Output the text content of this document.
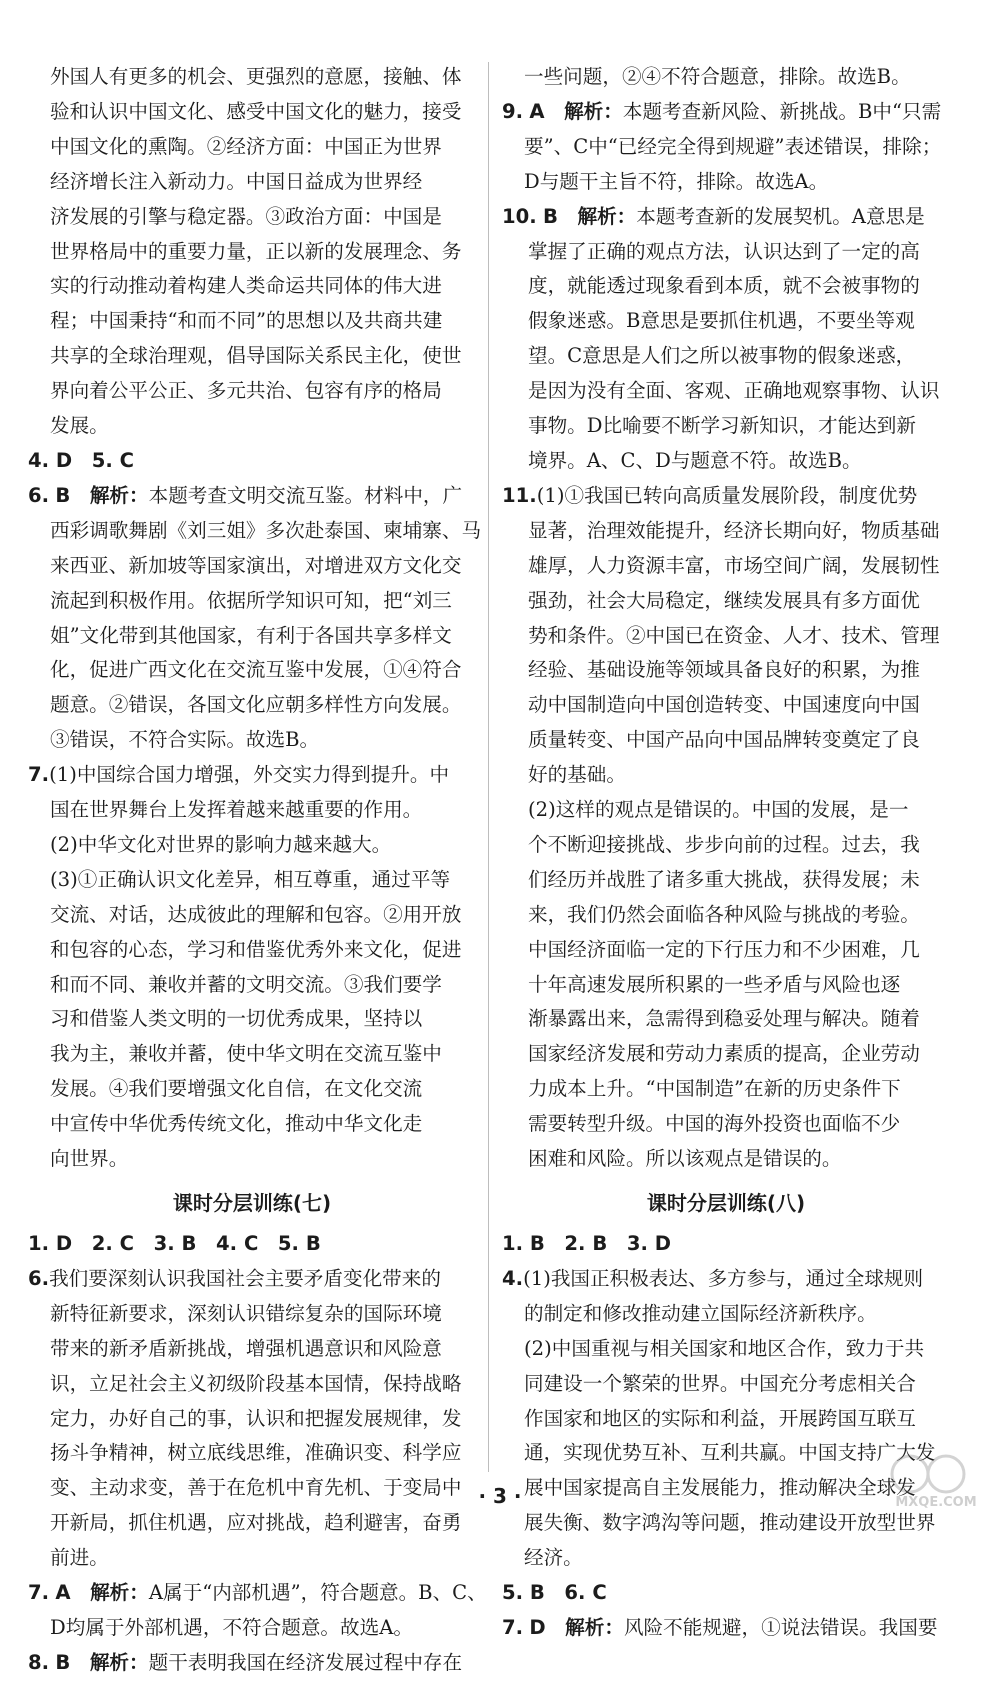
外国人有更多的机会、更强烈的意愿，接触、体
验和认识中国文化、感受中国文化的魅力，接受
中国文化的熏陶。②经济方面：中国正为世界
经济增长注入新动力。中国日益成为世界经
济发展的引擎与稳定器。③政治方面：中国是
世界格局中的重要力量，正以新的发展理念、务
实的行动推动着构建人类命运共同体的伟大进
程；中国秉持“和而不同”的思想以及共商共建
共享的全球治理观，倡导国际关系民主化，使世
界向着公平公正、多元共治、包容有序的格局
发展。
4. D　5. C
6. B　解析：本题考查文明交流互鉴。材料中，广
西彩调歌舞剧《刘三姐》多次赴泰国、柬埔寨、马
来西亚、新加坡等国家演出，对增进双方文化交
流起到积极作用。依据所学知识可知，把“刘三
姐”文化带到其他国家，有利于各国共享多样文
化，促进广西文化在交流互鉴中发展，①④符合
题意。②错误，各国文化应朝多样性方向发展。
③错误，不符合实际。故选B。
7.(1)中国综合国力增强，外交实力得到提升。中
国在世界舞台上发挥着越来越重要的作用。
(2)中华文化对世界的影响力越来越大。
(3)①正确认识文化差异，相互尊重，通过平等
交流、对话，达成彼此的理解和包容。②用开放
和包容的心态，学习和借鉴优秀外来文化，促进
和而不同、兼收并蓄的文明交流。③我们要学
习和借鉴人类文明的一切优秀成果，坚持以
我为主，兼收并蓄，使中华文明在交流互鉴中
发展。④我们要增强文化自信，在文化交流
中宣传中华优秀传统文化，推动中华文化走
向世界。
课时分层训练(七)
1. D　2. C　3. B　4. C　5. B
6.我们要深刻认识我国社会主要矛盾变化带来的
新特征新要求，深刻认识错综复杂的国际环境
带来的新矛盾新挑战，增强机遇意识和风险意
识，立足社会主义初级阶段基本国情，保持战略
定力，办好自己的事，认识和把握发展规律，发
扬斗争精神，树立底线思维，准确识变、科学应
变、主动求变，善于在危机中育先机、于变局中
开新局，抓住机遇，应对挑战，趋利避害，奋勇
前进。
7. A　解析：A属于“内部机遇”，符合题意。B、C、
D均属于外部机遇，不符合题意。故选A。
8. B　解析：题干表明我国在经济发展过程中存在
一些问题，②④不符合题意，排除。故选B。
9. A　解析：本题考查新风险、新挑战。B中“只需
要”、C中“已经完全得到规避”表述错误，排除；
D与题干主旨不符，排除。故选A。
10. B　解析：本题考查新的发展契机。A意思是
掌握了正确的观点方法，认识达到了一定的高
度，就能透过现象看到本质，就不会被事物的
假象迷惑。B意思是要抓住机遇，不要坐等观
望。C意思是人们之所以被事物的假象迷惑，
是因为没有全面、客观、正确地观察事物、认识
事物。D比喻要不断学习新知识，才能达到新
境界。A、C、D与题意不符。故选B。
11.(1)①我国已转向高质量发展阶段，制度优势
显著，治理效能提升，经济长期向好，物质基础
雄厚，人力资源丰富，市场空间广阔，发展韧性
强劲，社会大局稳定，继续发展具有多方面优
势和条件。②中国已在资金、人才、技术、管理
经验、基础设施等领域具备良好的积累，为推
动中国制造向中国创造转变、中国速度向中国
质量转变、中国产品向中国品牌转变奠定了良
好的基础。
(2)这样的观点是错误的。中国的发展，是一
个不断迎接挑战、步步向前的过程。过去，我
们经历并战胜了诸多重大挑战，获得发展；未
来，我们仍然会面临各种风险与挑战的考验。
中国经济面临一定的下行压力和不少困难，几
十年高速发展所积累的一些矛盾与风险也逐
渐暴露出来，急需得到稳妥处理与解决。随着
国家经济发展和劳动力素质的提高，企业劳动
力成本上升。“中国制造”在新的历史条件下
需要转型升级。中国的海外投资也面临不少
困难和风险。所以该观点是错误的。
课时分层训练(八)
1. B　2. B　3. D
4.(1)我国正积极表达、多方参与，通过全球规则
的制定和修改推动建立国际经济新秩序。
(2)中国重视与相关国家和地区合作，致力于共
同建设一个繁荣的世界。中国充分考虑相关合
作国家和地区的实际和利益，开展跨国互联互
通，实现优势互补、互利共赢。中国支持广大发
展中国家提高自主发展能力，推动解决全球发
展失衡、数字鸿沟等问题，推动建设开放型世界
经济。
5. B　6. C
7. D　解析：风险不能规避，①说法错误。我国要
· 3 ·	MXQE.COM
